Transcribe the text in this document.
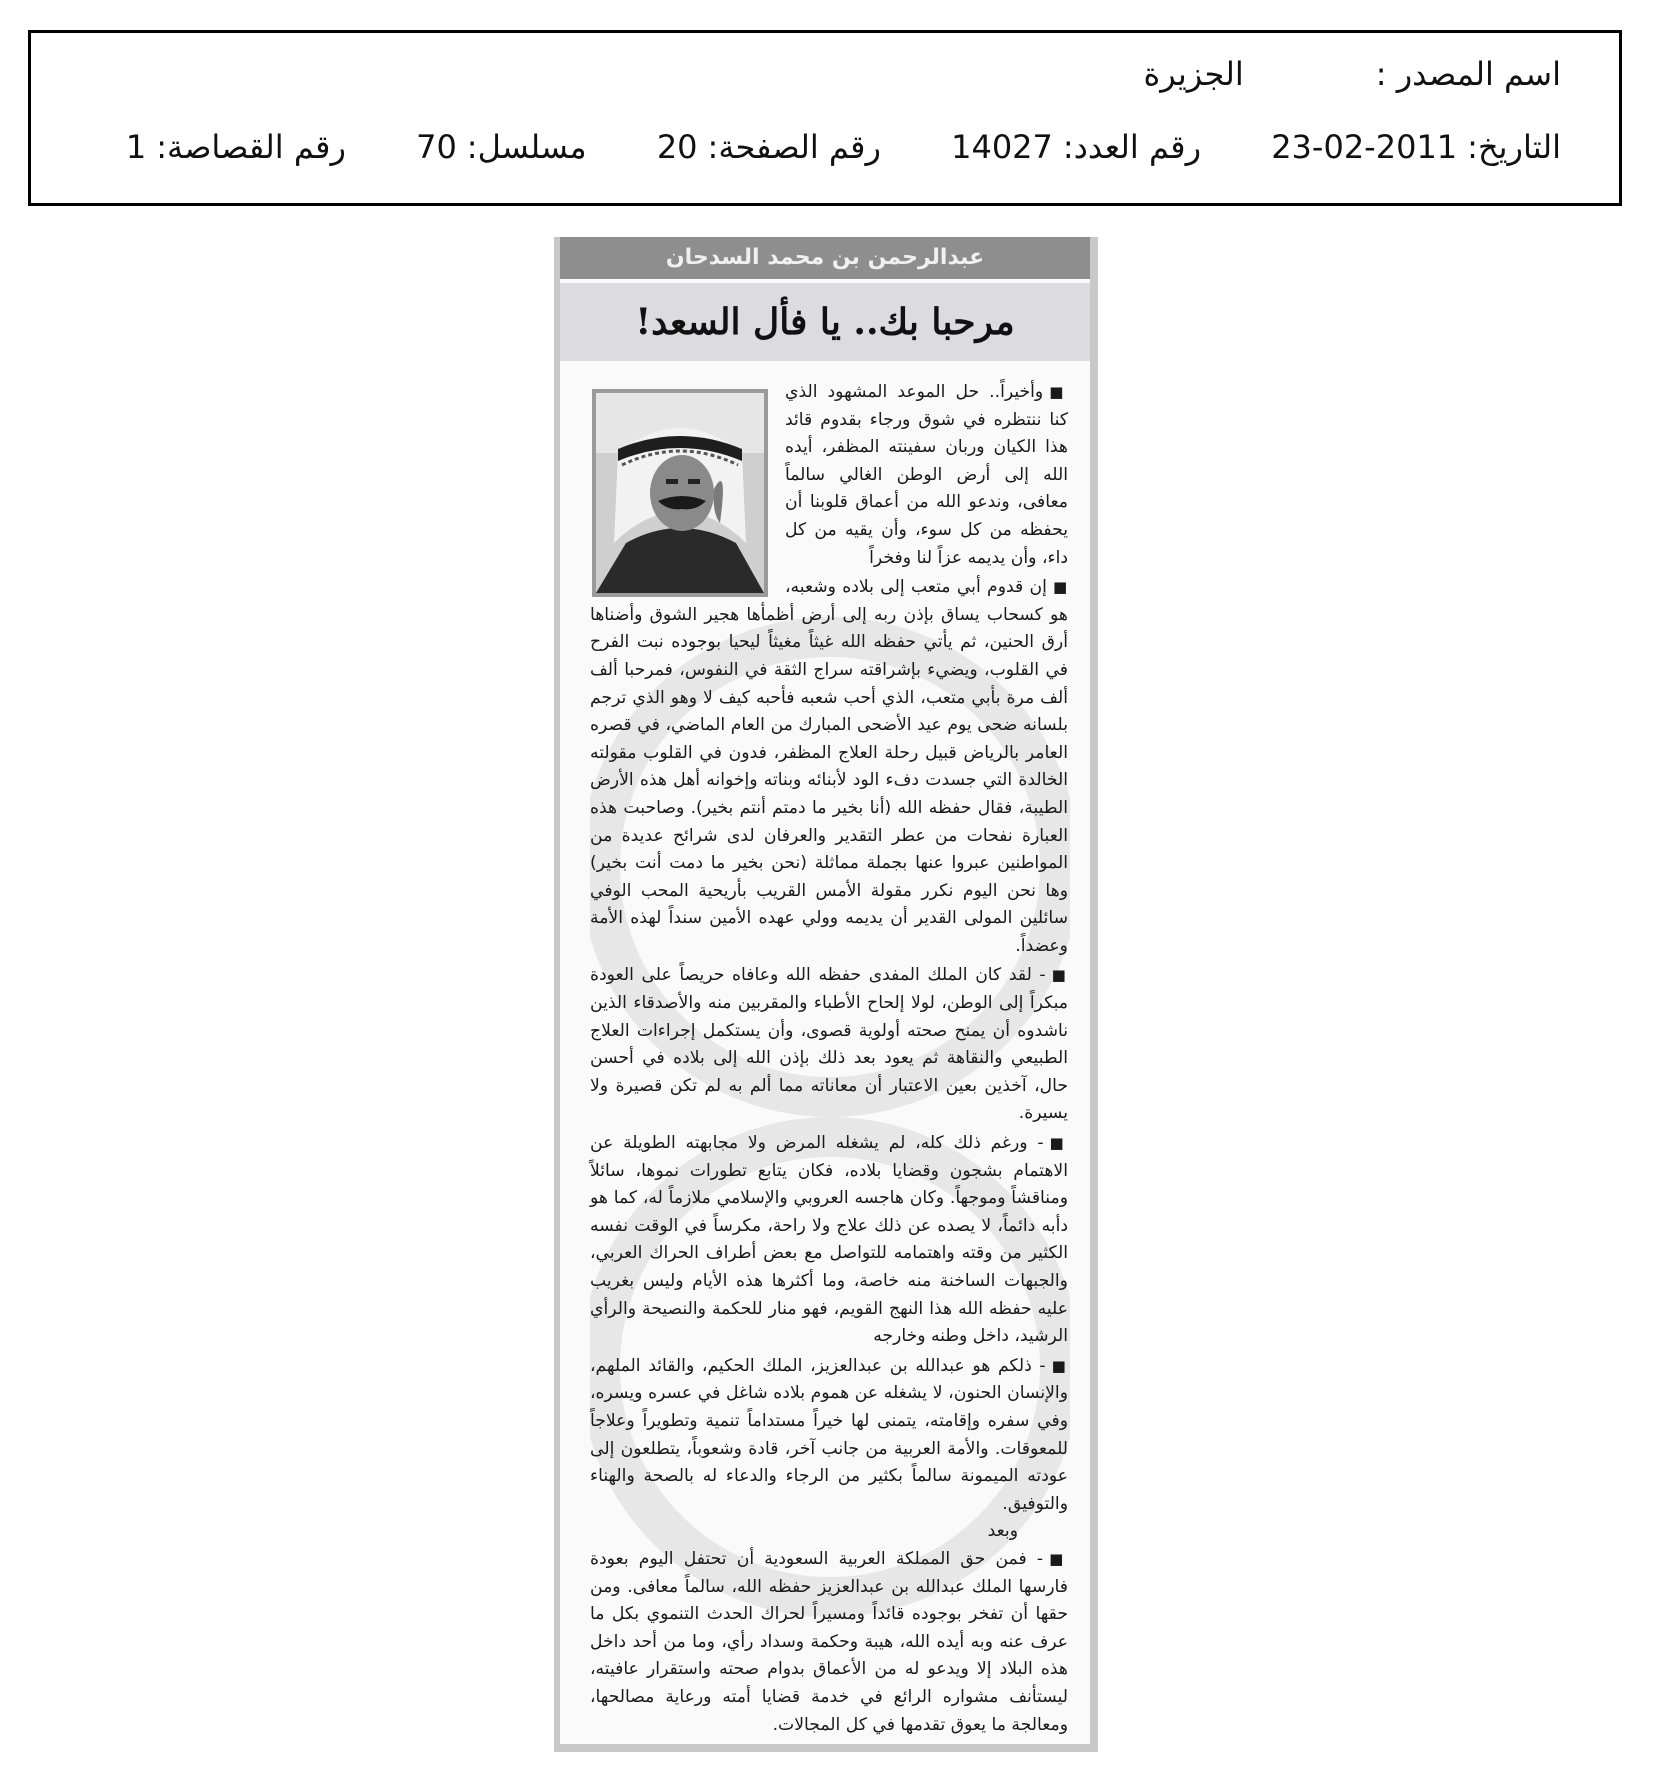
اسم المصدر :الجزيرة
التاريخ:23-02-2011 رقم العدد:14027 رقم الصفحة:20 مسلسل:70 رقم القصاصة:1
عبدالرحمن بن محمد السدحان
مرحبا بك.. يا فأل السعد!

■وأخيراً.. حل الموعد المشهود الذي كنا ننتظره في شوق ورجاء بقدوم قائد هذا الكيان وربان سفينته المظفر، أيده الله إلى أرض الوطن الغالي سالماً معافى، وندعو الله من أعماق قلوبنا أن يحفظه من كل سوء، وأن يقيه من كل داء، وأن يديمه عزاً لنا وفخراً

■إن قدوم أبي متعب إلى بلاده وشعبه، هو كسحاب يساق بإذن ربه إلى أرض أظمأها هجير الشوق وأضناها أرق الحنين، ثم يأتي حفظه الله غيثاً مغيثاً ليحيا بوجوده نبت الفرح في القلوب، ويضيء بإشراقته سراج الثقة في النفوس، فمرحبا ألف ألف مرة بأبي متعب، الذي أحب شعبه فأحبه كيف لا وهو الذي ترجم بلسانه ضحى يوم عيد الأضحى المبارك من العام الماضي، في قصره العامر بالرياض قبيل رحلة العلاج المظفر، فدون في القلوب مقولته الخالدة التي جسدت دفء الود لأبنائه وبناته وإخوانه أهل هذه الأرض الطيبة، فقال حفظه الله (أنا بخير ما دمتم أنتم بخير). وصاحبت هذه العبارة نفحات من عطر التقدير والعرفان لدى شرائح عديدة من المواطنين عبروا عنها بجملة مماثلة (نحن بخير ما دمت أنت بخير) وها نحن اليوم نكرر مقولة الأمس القريب بأريحية المحب الوفي سائلين المولى القدير أن يديمه وولي عهده الأمين سنداً لهذه الأمة وعضداً.

■- لقد كان الملك المفدى حفظه الله وعافاه حريصاً على العودة مبكراً إلى الوطن، لولا إلحاح الأطباء والمقربين منه والأصدقاء الذين ناشدوه أن يمنح صحته أولوية قصوى، وأن يستكمل إجراءات العلاج الطبيعي والنقاهة ثم يعود بعد ذلك بإذن الله إلى بلاده في أحسن حال، آخذين بعين الاعتبار أن معاناته مما ألم به لم تكن قصيرة ولا يسيرة.

■- ورغم ذلك كله، لم يشغله المرض ولا مجابهته الطويلة عن الاهتمام بشجون وقضايا بلاده، فكان يتابع تطورات نموها، سائلاً ومناقشاً وموجهاً. وكان هاجسه العروبي والإسلامي ملازماً له، كما هو دأبه دائماً، لا يصده عن ذلك علاج ولا راحة، مكرساً في الوقت نفسه الكثير من وقته واهتمامه للتواصل مع بعض أطراف الحراك العربي، والجبهات الساخنة منه خاصة، وما أكثرها هذه الأيام وليس بغريب عليه حفظه الله هذا النهج القويم، فهو منار للحكمة والنصيحة والرأي الرشيد، داخل وطنه وخارجه

■- ذلكم هو عبدالله بن عبدالعزيز، الملك الحكيم، والقائد الملهم، والإنسان الحنون، لا يشغله عن هموم بلاده شاغل في عسره ويسره، وفي سفره وإقامته، يتمنى لها خيراً مستداماً تنمية وتطويراً وعلاجاً للمعوقات. والأمة العربية من جانب آخر، قادة وشعوباً، يتطلعون إلى عودته الميمونة سالماً بكثير من الرجاء والدعاء له بالصحة والهناء والتوفيق.

وبعد

■- فمن حق المملكة العربية السعودية أن تحتفل اليوم بعودة فارسها الملك عبدالله بن عبدالعزيز حفظه الله، سالماً معافى. ومن حقها أن تفخر بوجوده قائداً ومسيراً لحراك الحدث التنموي بكل ما عرف عنه وبه أيده الله، هيبة وحكمة وسداد رأي، وما من أحد داخل هذه البلاد إلا ويدعو له من الأعماق بدوام صحته واستقرار عافيته، ليستأنف مشواره الرائع في خدمة قضايا أمته ورعاية مصالحها، ومعالجة ما يعوق تقدمها في كل المجالات.
